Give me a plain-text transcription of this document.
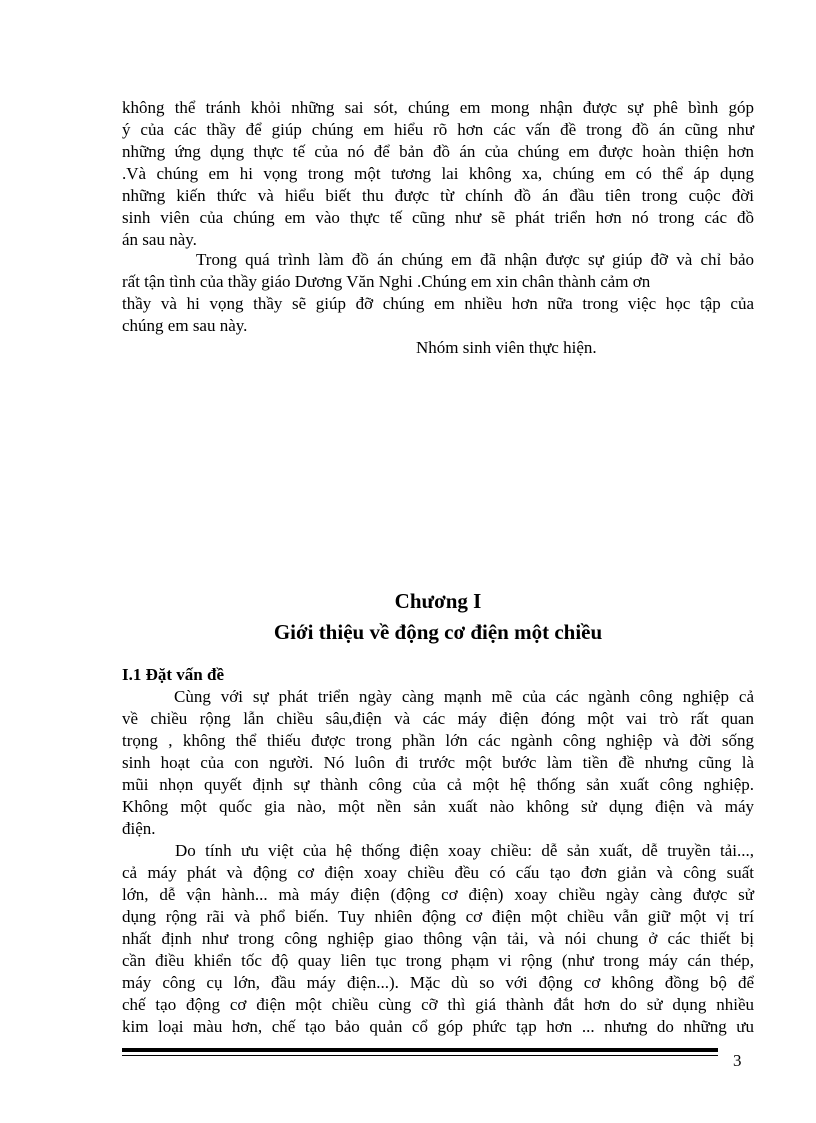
không thể tránh khỏi những sai sót, chúng em mong nhận được sự phê bình góp
ý của các thầy để giúp chúng em hiểu rõ hơn các vấn đề trong đồ án cũng như
những ứng dụng thực tế của nó để bản đồ án của chúng em được hoàn thiện hơn
.Và chúng em hi vọng trong một tương lai không xa, chúng em có thể áp dụng
những kiến thức và hiểu biết thu được từ chính đồ án đầu tiên trong cuộc đời
sinh viên của chúng em vào thực tế cũng như sẽ phát triển hơn nó trong các đồ
án sau này.
Trong quá trình làm đồ án chúng em đã nhận được sự giúp đỡ và chỉ bảo
rất tận tình của thầy giáo Dương Văn Nghi .Chúng em xin chân thành cảm ơn
thầy và hi vọng thầy sẽ giúp đỡ chúng em nhiều hơn nữa trong việc học tập của
chúng em sau này.
Nhóm sinh viên thực hiện.
Chương I
Giới thiệu về động cơ điện một chiều
I.1 Đặt vấn đề
Cùng với sự phát triển ngày càng mạnh mẽ của các ngành công nghiệp cả
về chiều rộng lẫn chiều sâu,điện và các máy điện đóng một vai trò rất quan
trọng , không thể thiếu được trong phần lớn các ngành công nghiệp và đời sống
sinh hoạt của con người. Nó luôn đi trước một bước làm tiền đề nhưng cũng là
mũi nhọn quyết định sự thành công của cả một hệ thống sản xuất công nghiệp.
Không một quốc gia nào, một nền sản xuất nào không sử dụng điện và máy
điện.
Do tính ưu việt của hệ thống điện xoay chiều: dễ sản xuất, dễ truyền tải...,
cả máy phát và động cơ điện xoay chiều đều có cấu tạo đơn giản và công suất
lớn, dễ vận hành... mà máy điện (động cơ điện) xoay chiều ngày càng được sử
dụng rộng rãi và phổ biến. Tuy nhiên động cơ điện một chiều vẫn giữ một vị trí
nhất định như trong công nghiệp giao thông vận tải, và nói chung ở các thiết bị
cần điều khiển tốc độ quay liên tục trong phạm vi rộng (như trong máy cán thép,
máy công cụ lớn, đầu máy điện...). Mặc dù so với động cơ không đồng bộ để
chế tạo động cơ điện một chiều cùng cỡ thì giá thành đắt hơn do sử dụng nhiều
kim loại màu hơn, chế tạo bảo quản cổ góp phức tạp hơn ... nhưng do những ưu
3
